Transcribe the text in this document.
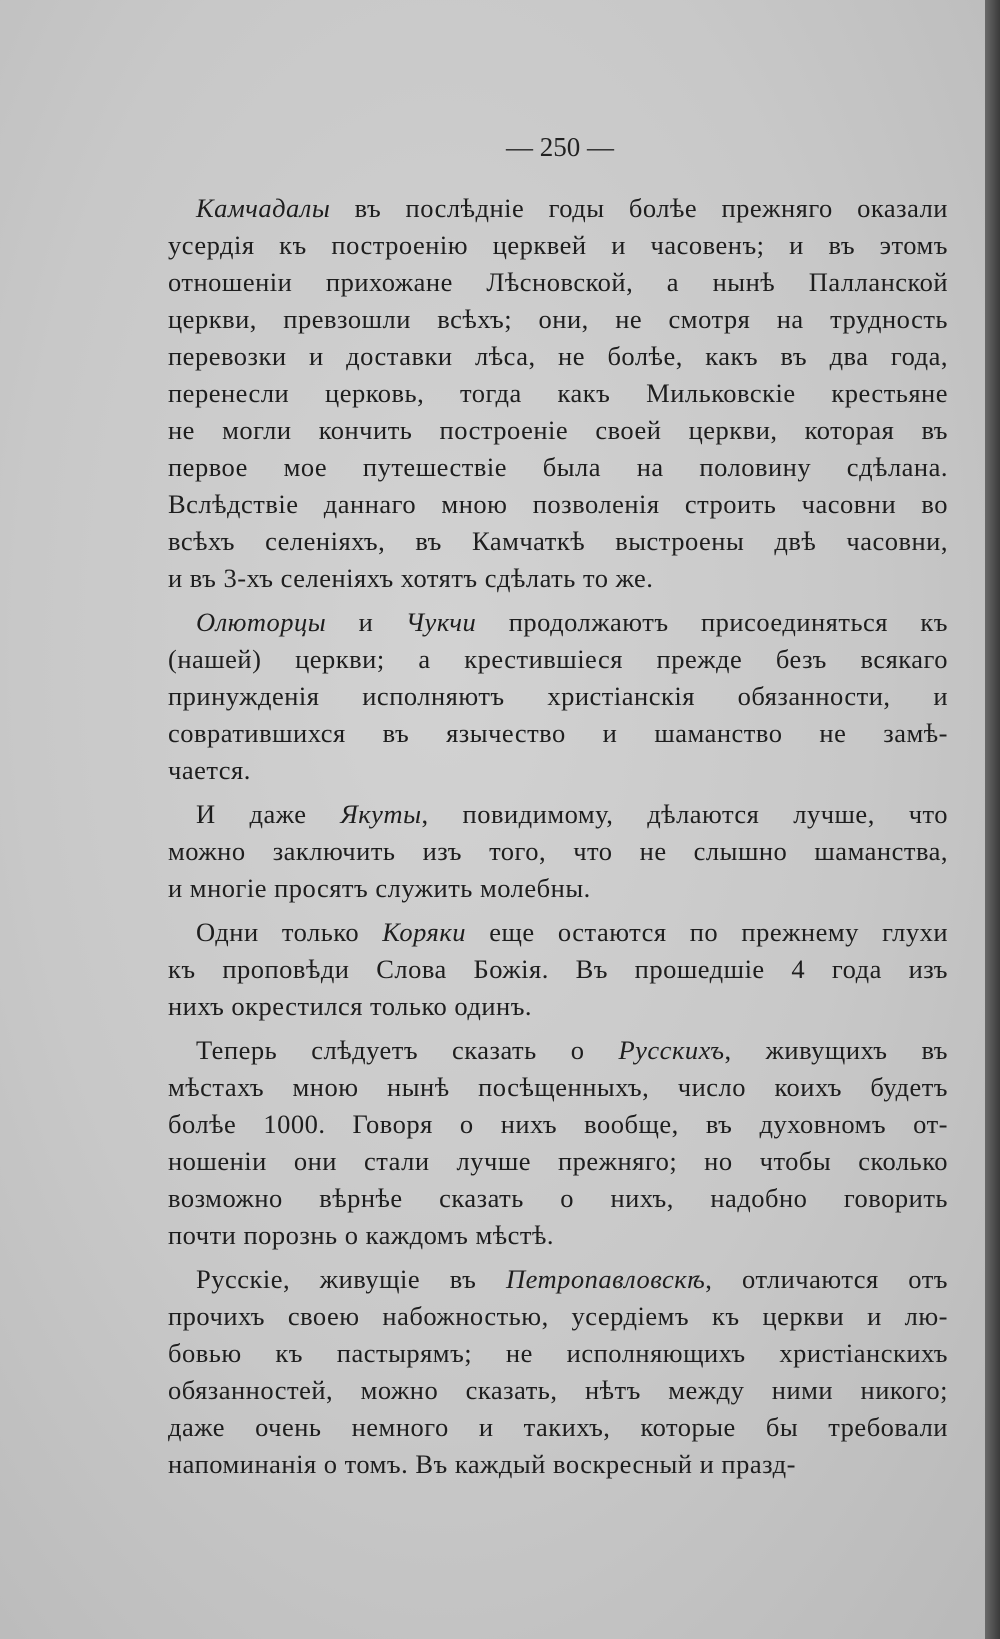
— 250 —
Камчадалы въ послѣдніе годы болѣе прежняго оказали
усердія къ построенію церквей и часовенъ; и въ этомъ
отношеніи прихожане Лѣсновской, а нынѣ Палланской
церкви, превзошли всѣхъ; они, не смотря на трудность
перевозки и доставки лѣса, не болѣе, какъ въ два года,
перенесли церковь, тогда какъ Мильковскіе крестьяне
не могли кончить построеніе своей церкви, которая въ
первое мое путешествіе была на половину сдѣлана.
Вслѣдствіе даннаго мною позволенія строить часовни во
всѣхъ селеніяхъ, въ Камчаткѣ выстроены двѣ часовни,
и въ 3-хъ селеніяхъ хотятъ сдѣлать то же.
Олюторцы и Чукчи продолжаютъ присоединяться къ
(нашей) церкви; а крестившіеся прежде безъ всякаго
принужденія исполняютъ христіанскія обязанности, и
совратившихся въ язычество и шаманство не замѣ-
чается.
И даже Якуты, повидимому, дѣлаются лучше, что
можно заключить изъ того, что не слышно шаманства,
и многіе просятъ служить молебны.
Одни только Коряки еще остаются по прежнему глухи
къ проповѣди Слова Божія. Въ прошедшіе 4 года изъ
нихъ окрестился только одинъ.
Теперь слѣдуетъ сказать о Русскихъ, живущихъ въ
мѣстахъ мною нынѣ посѣщенныхъ, число коихъ будетъ
болѣе 1000. Говоря о нихъ вообще, въ духовномъ от-
ношеніи они стали лучше прежняго; но чтобы сколько
возможно вѣрнѣе сказать о нихъ, надобно говорить
почти порознь о каждомъ мѣстѣ.
Русскіе, живущіе въ Петропавловскѣ, отличаются отъ
прочихъ своею набожностью, усердіемъ къ церкви и лю-
бовью къ пастырямъ; не исполняющихъ христіанскихъ
обязанностей, можно сказать, нѣтъ между ними никого;
даже очень немного и такихъ, которые бы требовали
напоминанія о томъ. Въ каждый воскресный и празд-
